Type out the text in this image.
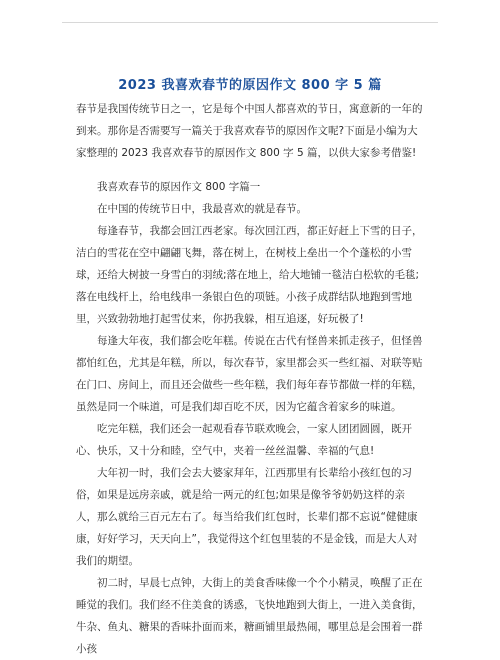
2023 我喜欢春节的原因作文 800 字 5 篇

春节是我国传统节日之一，它是每个中国人都喜欢的节日，寓意新的一年的到来。那你是否需要写一篇关于我喜欢春节的原因作文呢?下面是小编为大家整理的 2023 我喜欢春节的原因作文 800 字 5 篇，以供大家参考借鉴!

我喜欢春节的原因作文 800 字篇一

在中国的传统节日中，我最喜欢的就是春节。

每逢春节，我都会回江西老家。每次回江西，都正好赶上下雪的日子，洁白的雪花在空中翩翩飞舞，落在树上，在树枝上垒出一个个蓬松的小雪球，还给大树披一身雪白的羽绒;落在地上，给大地铺一毯洁白松软的毛毯;落在电线杆上，给电线串一条银白色的项链。小孩子成群结队地跑到雪地里，兴致勃勃地打起雪仗来，你扔我躲，相互追逐，好玩极了!

每逢大年夜，我们都会吃年糕。传说在古代有怪兽来抓走孩子，但怪兽都怕红色，尤其是年糕，所以，每次春节，家里都会买一些红福、对联等贴在门口、房间上，而且还会做些一些年糕，我们每年春节都做一样的年糕，虽然是同一个味道，可是我们却百吃不厌，因为它蕴含着家乡的味道。

吃完年糕，我们还会一起观看春节联欢晚会，一家人团团圆圆，既开心、快乐，又十分和睦，空气中，夹着一丝丝温馨、幸福的气息!

大年初一时，我们会去大婆家拜年，江西那里有长辈给小孩红包的习俗，如果是远房亲戚，就是给一两元的红包;如果是像爷爷奶奶这样的亲人，那么就给三百元左右了。每当给我们红包时，长辈们都不忘说“健健康康，好好学习，天天向上”，我觉得这个红包里装的不是金钱，而是大人对我们的期望。

初二时，早晨七点钟，大街上的美食香味像一个个小精灵，唤醒了正在睡觉的我们。我们经不住美食的诱惑，飞快地跑到大街上，一进入美食街，牛杂、鱼丸、糖果的香味扑面而来，糖画铺里最热闹，哪里总是会围着一群小孩
